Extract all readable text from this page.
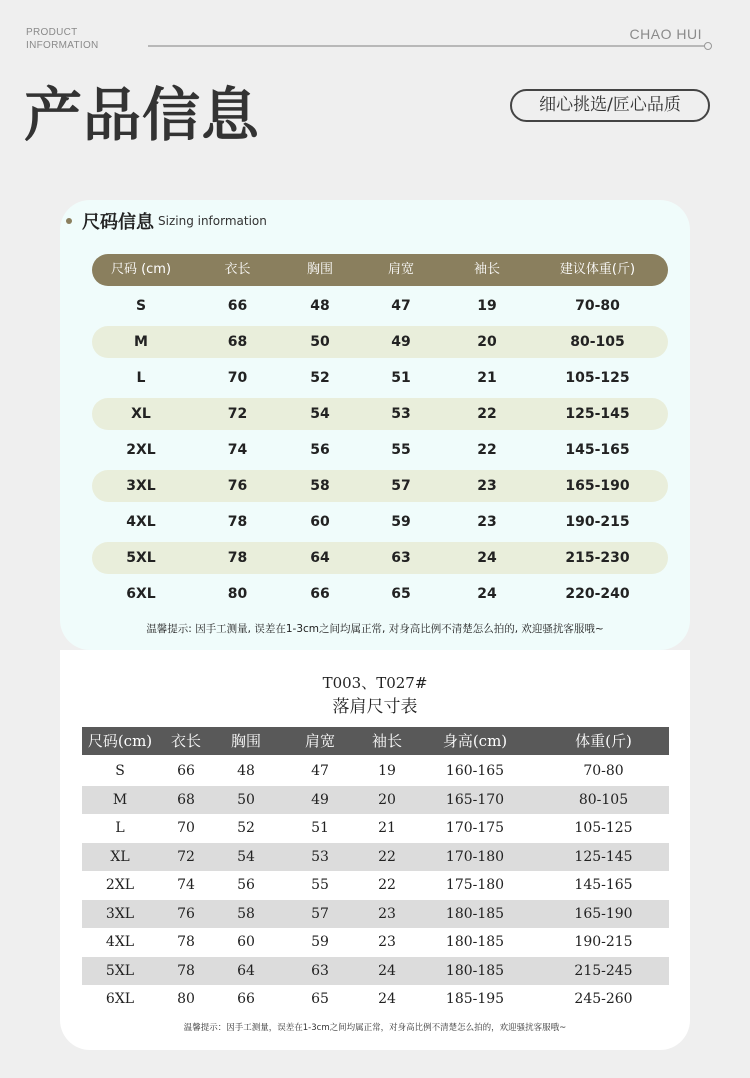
PRODUCT
INFORMATION
CHAO HUI
产品信息	细心挑选/匠心品质
尺码信息 Sizing information
尺码 (cm)	衣长	胸围	肩宽	袖长	建议体重(斤)
S	66	48	47	19	70-80
M	68	50	49	20	80-105
L	70	52	51	21	105-125
XL	72	54	53	22	125-145
2XL	74	56	55	22	145-165
3XL	76	58	57	23	165-190
4XL	78	60	59	23	190-215
5XL	78	64	63	24	215-230
6XL	80	66	65	24	220-240
温馨提示: 因手工测量, 误差在1-3cm之间均属正常, 对身高比例不清楚怎么拍的, 欢迎骚扰客服哦~
T003、T027#
落肩尺寸表
尺码(cm)	衣长	胸围	肩宽	袖长	身高(cm)	体重(斤)
S	66	48	47	19	160-165	70-80
M	68	50	49	20	165-170	80-105
L	70	52	51	21	170-175	105-125
XL	72	54	53	22	170-180	125-145
2XL	74	56	55	22	175-180	145-165
3XL	76	58	57	23	180-185	165-190
4XL	78	60	59	23	180-185	190-215
5XL	78	64	63	24	180-185	215-245
6XL	80	66	65	24	185-195	245-260
温馨提示：因手工测量，误差在1-3cm之间均属正常，对身高比例不清楚怎么拍的，欢迎骚扰客服哦~
